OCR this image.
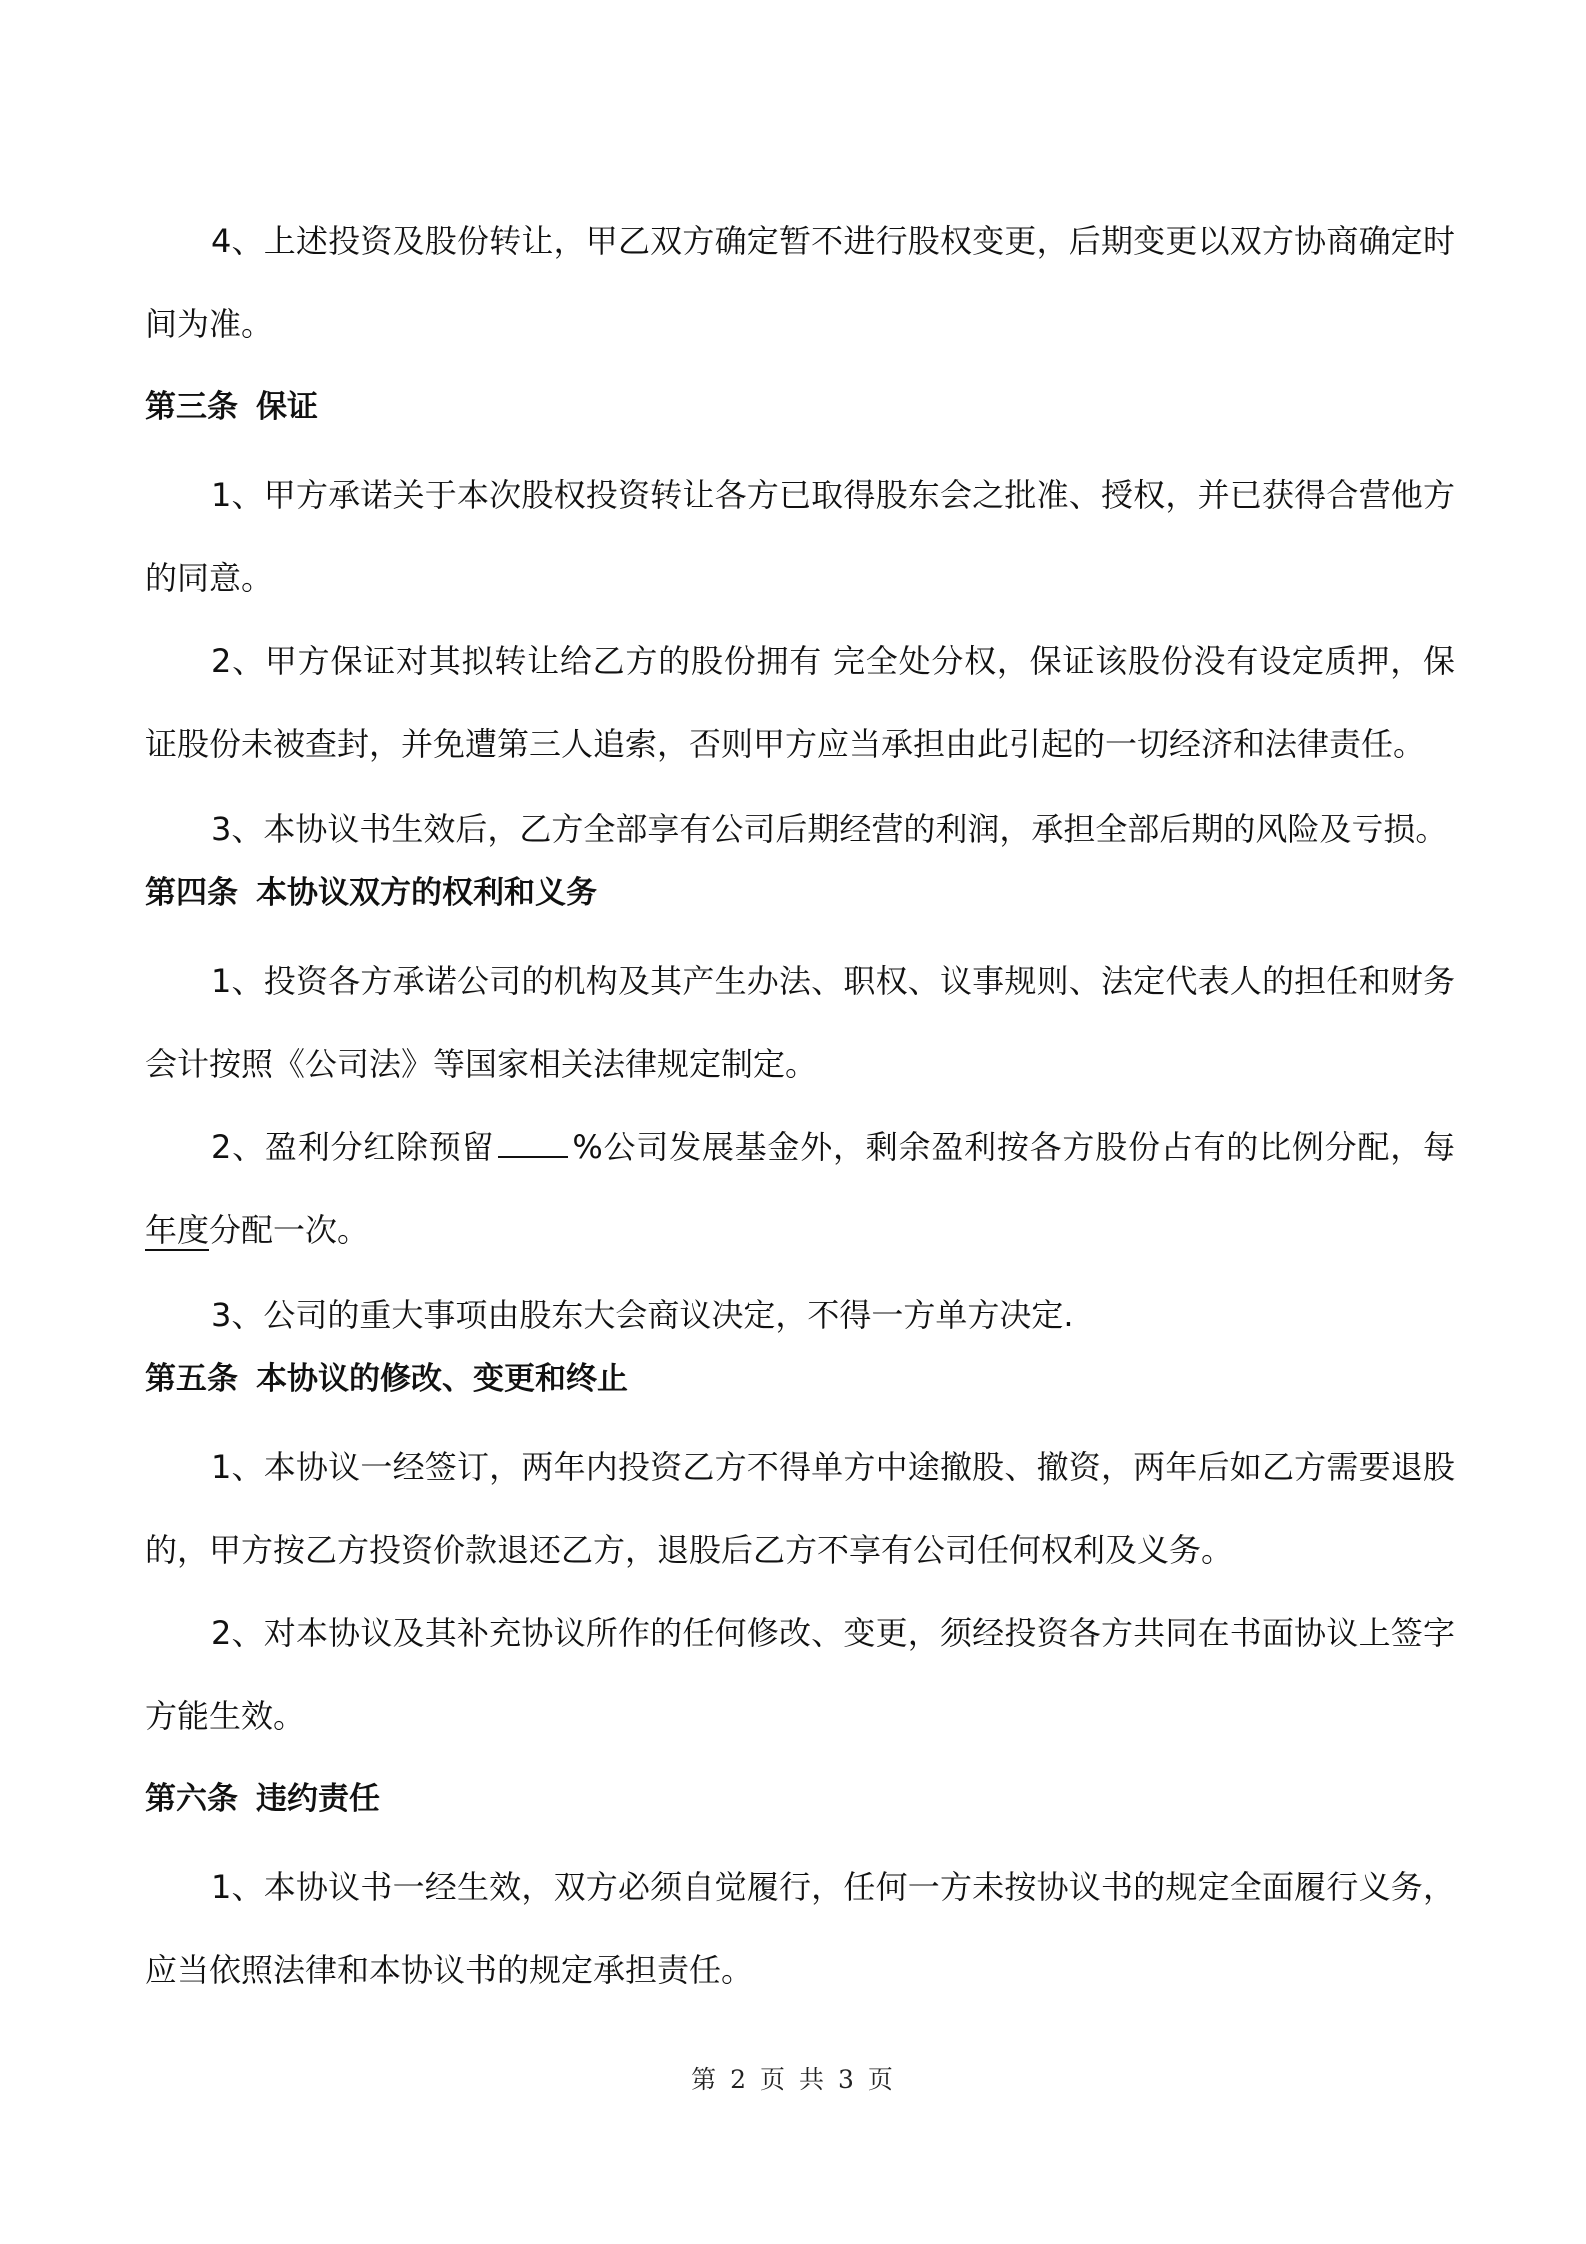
4、上述投资及股份转让，甲乙双方确定暂不进行股权变更，后期变更以双方协商确定时间为准。

第三条 保证

1、甲方承诺关于本次股权投资转让各方已取得股东会之批准、授权，并已获得合营他方的同意。

2、甲方保证对其拟转让给乙方的股份拥有 完全处分权，保证该股份没有设定质押，保证股份未被查封，并免遭第三人追索，否则甲方应当承担由此引起的一切经济和法律责任。

3、本协议书生效后，乙方全部享有公司后期经营的利润，承担全部后期的风险及亏损。

第四条 本协议双方的权利和义务

1、投资各方承诺公司的机构及其产生办法、职权、议事规则、法定代表人的担任和财务会计按照《公司法》等国家相关法律规定制定。

2、盈利分红除预留 %公司发展基金外，剩余盈利按各方股份占有的比例分配，每年度分配一次。

3、公司的重大事项由股东大会商议决定，不得一方单方决定.

第五条 本协议的修改、变更和终止

1、本协议一经签订，两年内投资乙方不得单方中途撤股、撤资，两年后如乙方需要退股的，甲方按乙方投资价款退还乙方，退股后乙方不享有公司任何权利及义务。

2、对本协议及其补充协议所作的任何修改、变更，须经投资各方共同在书面协议上签字方能生效。

第六条 违约责任

1、本协议书一经生效，双方必须自觉履行，任何一方未按协议书的规定全面履行义务，应当依照法律和本协议书的规定承担责任。

第 2 页 共 3 页
